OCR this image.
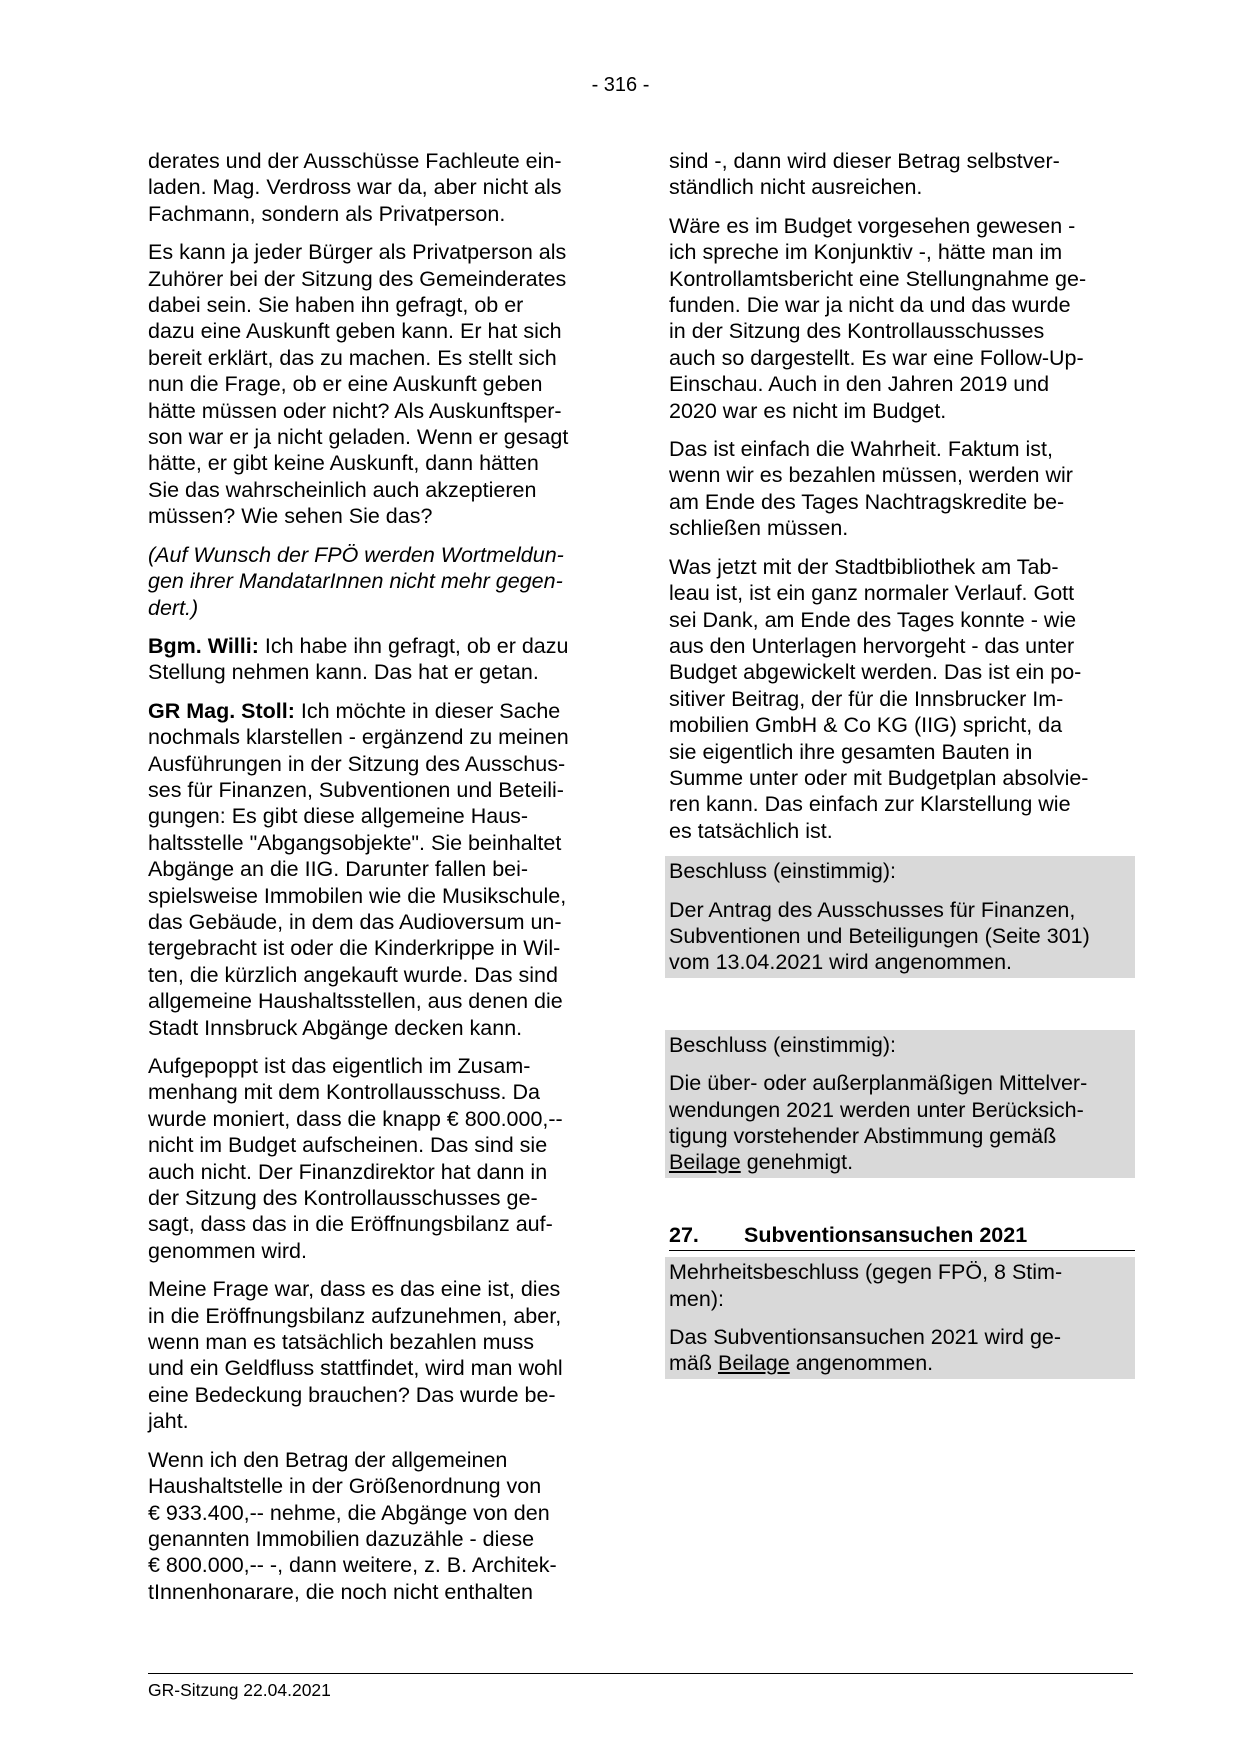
- 316 -

derates und der Ausschüsse Fachleute ein-
laden. Mag. Verdross war da, aber nicht als
Fachmann, sondern als Privatperson.

Es kann ja jeder Bürger als Privatperson als
Zuhörer bei der Sitzung des Gemeinderates
dabei sein. Sie haben ihn gefragt, ob er
dazu eine Auskunft geben kann. Er hat sich
bereit erklärt, das zu machen. Es stellt sich
nun die Frage, ob er eine Auskunft geben
hätte müssen oder nicht? Als Auskunftsper-
son war er ja nicht geladen. Wenn er gesagt
hätte, er gibt keine Auskunft, dann hätten
Sie das wahrscheinlich auch akzeptieren
müssen? Wie sehen Sie das?

(Auf Wunsch der FPÖ werden Wortmeldun-
gen ihrer MandatarInnen nicht mehr gegen-
dert.)

Bgm. Willi: Ich habe ihn gefragt, ob er dazu
Stellung nehmen kann. Das hat er getan.

GR Mag. Stoll: Ich möchte in dieser Sache
nochmals klarstellen - ergänzend zu meinen
Ausführungen in der Sitzung des Ausschus-
ses für Finanzen, Subventionen und Beteili-
gungen: Es gibt diese allgemeine Haus-
haltsstelle "Abgangsobjekte". Sie beinhaltet
Abgänge an die IIG. Darunter fallen bei-
spielsweise Immobilen wie die Musikschule,
das Gebäude, in dem das Audioversum un-
tergebracht ist oder die Kinderkrippe in Wil-
ten, die kürzlich angekauft wurde. Das sind
allgemeine Haushaltsstellen, aus denen die
Stadt Innsbruck Abgänge decken kann.

Aufgepoppt ist das eigentlich im Zusam-
menhang mit dem Kontrollausschuss. Da
wurde moniert, dass die knapp € 800.000,--
nicht im Budget aufscheinen. Das sind sie
auch nicht. Der Finanzdirektor hat dann in
der Sitzung des Kontrollausschusses ge-
sagt, dass das in die Eröffnungsbilanz auf-
genommen wird.

Meine Frage war, dass es das eine ist, dies
in die Eröffnungsbilanz aufzunehmen, aber,
wenn man es tatsächlich bezahlen muss
und ein Geldfluss stattfindet, wird man wohl
eine Bedeckung brauchen? Das wurde be-
jaht.

Wenn ich den Betrag der allgemeinen
Haushaltstelle in der Größenordnung von
€ 933.400,-- nehme, die Abgänge von den
genannten Immobilien dazuzähle - diese
€ 800.000,-- -, dann weitere, z. B. Architek-
tInnenhonarare, die noch nicht enthalten

sind -, dann wird dieser Betrag selbstver-
ständlich nicht ausreichen.

Wäre es im Budget vorgesehen gewesen -
ich spreche im Konjunktiv -, hätte man im
Kontrollamtsbericht eine Stellungnahme ge-
funden. Die war ja nicht da und das wurde
in der Sitzung des Kontrollausschusses
auch so dargestellt. Es war eine Follow-Up-
Einschau. Auch in den Jahren 2019 und
2020 war es nicht im Budget.

Das ist einfach die Wahrheit. Faktum ist,
wenn wir es bezahlen müssen, werden wir
am Ende des Tages Nachtragskredite be-
schließen müssen.

Was jetzt mit der Stadtbibliothek am Tab-
leau ist, ist ein ganz normaler Verlauf. Gott
sei Dank, am Ende des Tages konnte - wie
aus den Unterlagen hervorgeht - das unter
Budget abgewickelt werden. Das ist ein po-
sitiver Beitrag, der für die Innsbrucker Im-
mobilien GmbH & Co KG (IIG) spricht, da
sie eigentlich ihre gesamten Bauten in
Summe unter oder mit Budgetplan absolvie-
ren kann. Das einfach zur Klarstellung wie
es tatsächlich ist.

Beschluss (einstimmig):

Der Antrag des Ausschusses für Finanzen,
Subventionen und Beteiligungen (Seite 301)
vom 13.04.2021 wird angenommen.

Beschluss (einstimmig):

Die über- oder außerplanmäßigen Mittelver-
wendungen 2021 werden unter Berücksich-
tigung vorstehender Abstimmung gemäß
Beilage genehmigt.

27. Subventionsansuchen 2021

Mehrheitsbeschluss (gegen FPÖ, 8 Stim-
men):

Das Subventionsansuchen 2021 wird ge-
mäß Beilage angenommen.

GR-Sitzung 22.04.2021
